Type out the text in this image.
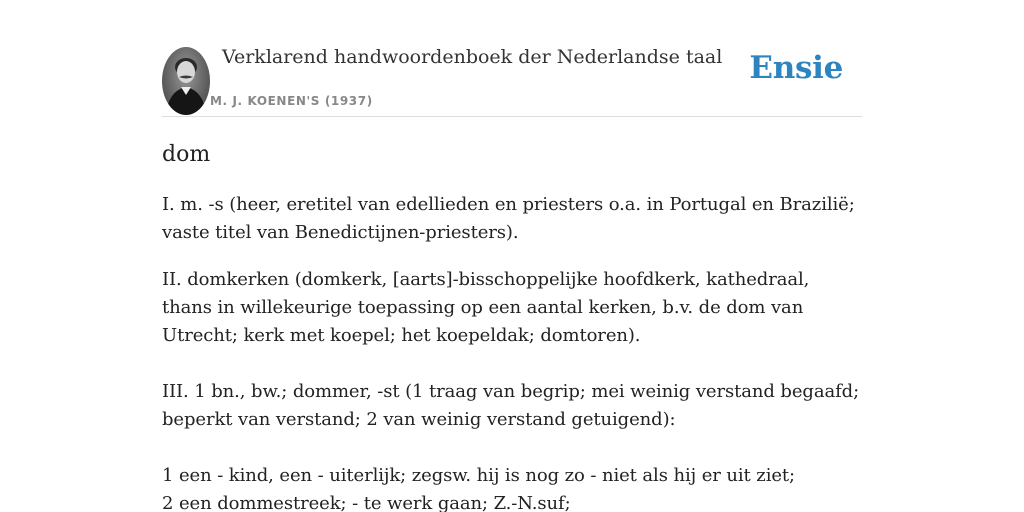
Verklarend handwoordenboek der Nederlandse taal
M. J. KOENEN'S (1937)
Ensie
dom

I. m. -s (heer, eretitel van edellieden en priesters o.a. in Portugal en Brazilië; vaste titel van Benedictijnen-priesters).

II. domkerken (domkerk, [aarts]-bisschoppelijke hoofdkerk, kathedraal, thans in willekeurige toepassing op een aantal kerken, b.v. de dom van Utrecht; kerk met koepel; het koepeldak; domtoren).

III. 1 bn., bw.; dommer, -st (1 traag van begrip; mei weinig verstand begaafd; beperkt van verstand; 2 van weinig verstand getuigend):

1 een - kind, een - uiterlijk; zegsw. hij is nog zo - niet als hij er uit ziet;
2 een dommestreek; - te werk gaan; Z.-N.suf;
